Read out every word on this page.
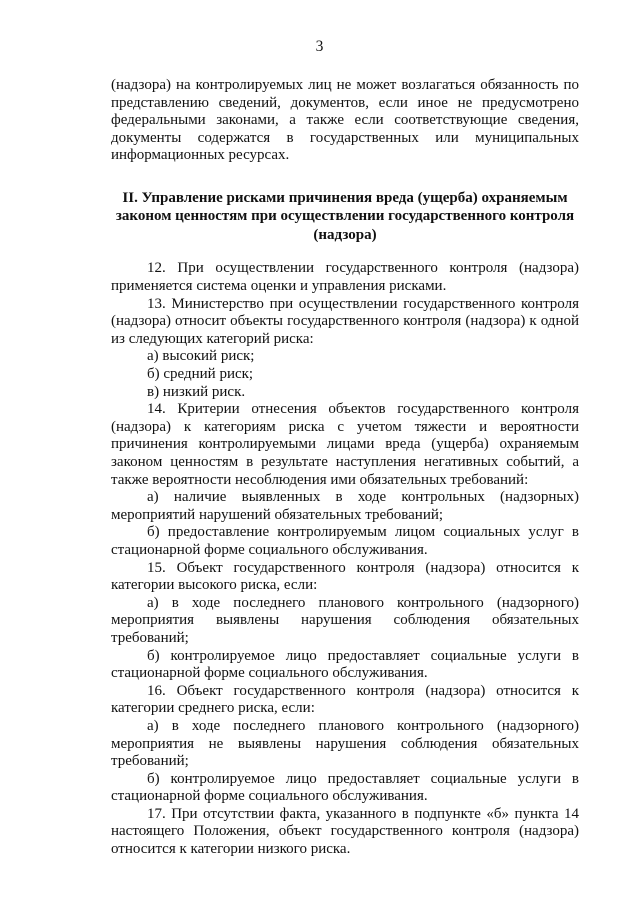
3

(надзора) на контролируемых лиц не может возлагаться обязанность по представлению сведений, документов, если иное не предусмотрено федеральными законами, а также если соответствующие сведения, документы содержатся в государственных или муниципальных информационных ресурсах.

II. Управление рисками причинения вреда (ущерба) охраняемым законом ценностям при осуществлении государственного контроля (надзора)

12. При осуществлении государственного контроля (надзора) применяется система оценки и управления рисками.

13. Министерство при осуществлении государственного контроля (надзора) относит объекты государственного контроля (надзора) к одной из следующих категорий риска:

а) высокий риск;

б) средний риск;

в) низкий риск.

14. Критерии отнесения объектов государственного контроля (надзора) к категориям риска с учетом тяжести и вероятности причинения контролируемыми лицами вреда (ущерба) охраняемым законом ценностям в результате наступления негативных событий, а также вероятности несоблюдения ими обязательных требований:

а) наличие выявленных в ходе контрольных (надзорных) мероприятий нарушений обязательных требований;

б) предоставление контролируемым лицом социальных услуг в стационарной форме социального обслуживания.

15. Объект государственного контроля (надзора) относится к категории высокого риска, если:

а) в ходе последнего планового контрольного (надзорного) мероприятия выявлены нарушения соблюдения обязательных требований;

б) контролируемое лицо предоставляет социальные услуги в стационарной форме социального обслуживания.

16. Объект государственного контроля (надзора) относится к категории среднего риска, если:

а) в ходе последнего планового контрольного (надзорного) мероприятия не выявлены нарушения соблюдения обязательных требований;

б) контролируемое лицо предоставляет социальные услуги в стационарной форме социального обслуживания.

17. При отсутствии факта, указанного в подпункте «б» пункта 14 настоящего Положения, объект государственного контроля (надзора) относится к категории низкого риска.
